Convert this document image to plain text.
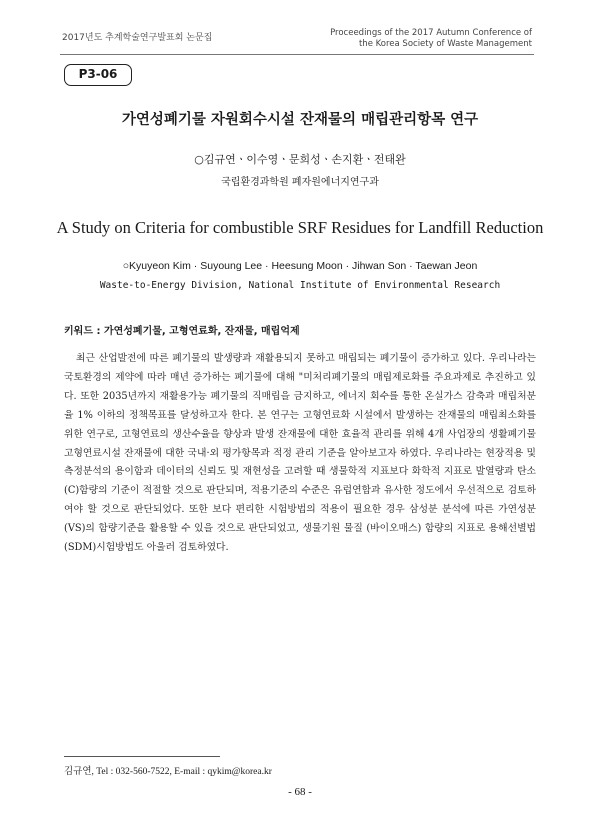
2017년도 추계학술연구발표회 논문집	Proceedings of the 2017 Autumn Conference of
the Korea Society of Waste Management
P3-06
가연성폐기물 자원회수시설 잔재물의 매립관리항목 연구
○김규연ㆍ이수영ㆍ문희성ㆍ손지환ㆍ전태완
국립환경과학원 폐자원에너지연구과
A Study on Criteria for combustible SRF Residues for Landfill Reduction
○Kyuyeon Kim · Suyoung Lee · Heesung Moon · Jihwan Son · Taewan Jeon
Waste-to-Energy Division, National Institute of Environmental Research
키워드 : 가연성폐기물, 고형연료화, 잔재물, 매립억제

최근 산업발전에 따른 폐기물의 발생량과 재활용되지 못하고 매립되는 폐기물이 증가하고 있다. 우리나라는 국토환경의 제약에 따라 매년 증가하는 폐기물에 대해 "미처리폐기물의 매립제로화를 주요과제로 추진하고 있다. 또한 2035년까지 재활용가능 폐기물의 직매립을 금지하고, 에너지 회수를 통한 온실가스 감축과 매립처분율 1% 이하의 정책목표를 달성하고자 한다. 본 연구는 고형연료화 시설에서 발생하는 잔재물의 매립최소화를 위한 연구로, 고형연료의 생산수율을 향상과 발생 잔재물에 대한 효율적 관리를 위해 4개 사업장의 생활폐기물 고형연료시설 잔재물에 대한 국내·외 평가항목과 적정 관리 기준을 알아보고자 하였다. 우리나라는 현장적용 및 측정분석의 용이함과 데이터의 신뢰도 및 재현성을 고려할 때 생물학적 지표보다 화학적 지표로 발열량과 탄소(C)함량의 기준이 적절할 것으로 판단되며, 적용기준의 수준은 유럽연합과 유사한 정도에서 우선적으로 검토하여야 할 것으로 판단되었다. 또한 보다 편리한 시험방법의 적용이 필요한 경우 삼성분 분석에 따른 가연성분(VS)의 함량기준을 활용할 수 있을 것으로 판단되었고, 생물기원 물질 (바이오매스) 함량의 지표로 용해선별법(SDM)시험방법도 아울러 검토하였다.

김규연, Tel : 032-560-7522, E-mail : qykim@korea.kr
- 68 -
